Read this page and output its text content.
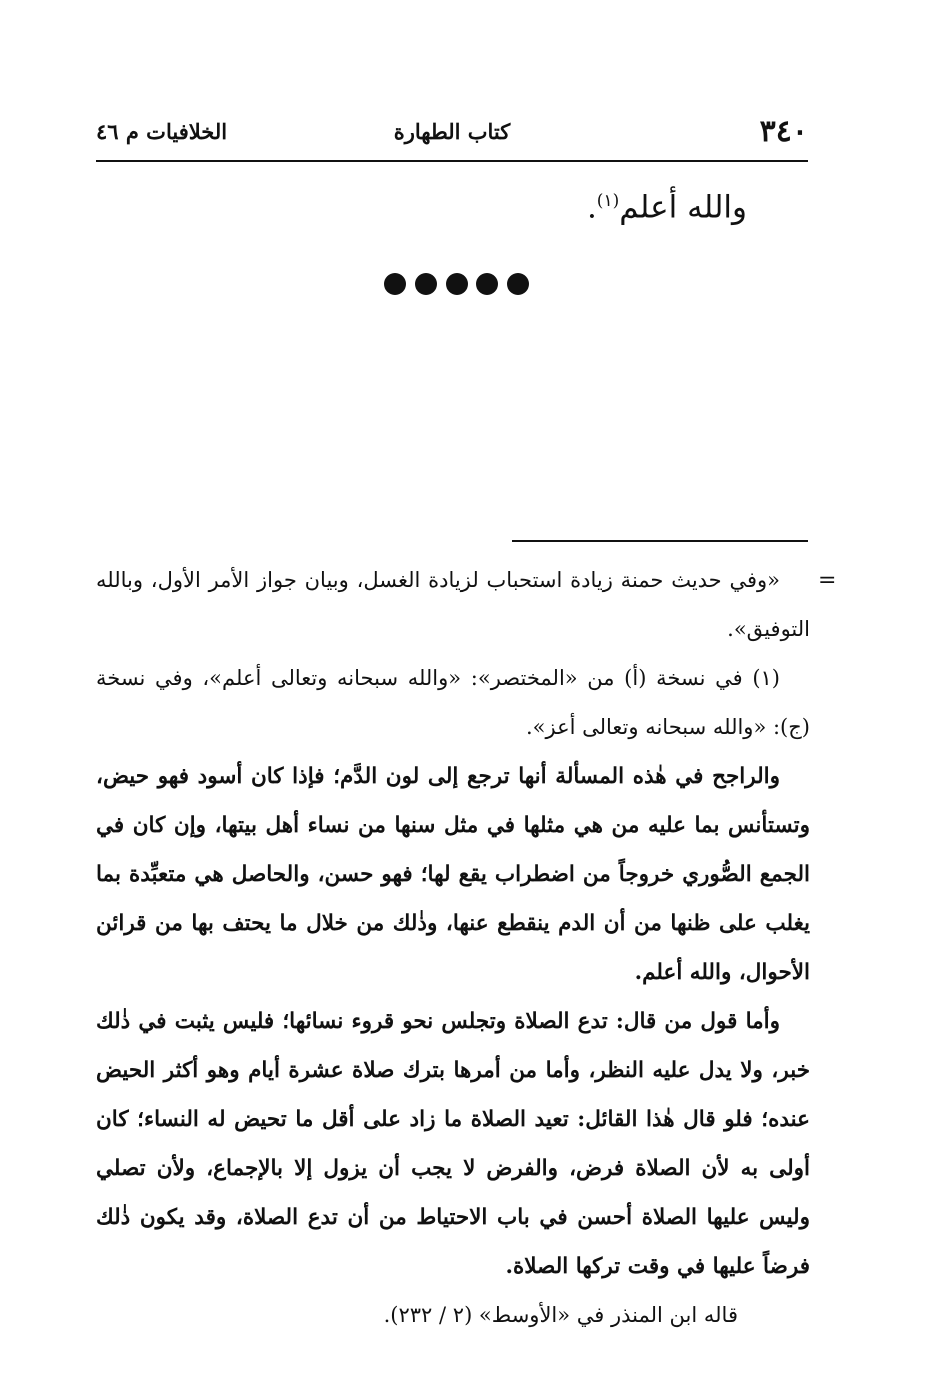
٣٤٠
كتاب الطهارة
الخلافيات م ٤٦
والله أعلم$^{(١)}$.
=

«وفي حديث حمنة زيادة استحباب لزيادة الغسل، وبيان جواز الأمر الأول، وبالله التوفيق».

(١) في نسخة (أ) من «المختصر»: «والله سبحانه وتعالى أعلم»، وفي نسخة (ج): «والله سبحانه وتعالى أعز».

والراجح في هٰذه المسألة أنها ترجع إلى لون الدَّم؛ فإذا كان أسود فهو حيض، وتستأنس بما عليه من هي مثلها في مثل سنها من نساء أهل بيتها، وإن كان في الجمع الصُّوري خروجاً من اضطراب يقع لها؛ فهو حسن، والحاصل هي متعبِّدة بما يغلب على ظنها من أن الدم ينقطع عنها، وذٰلك من خلال ما يحتف بها من قرائن الأحوال، والله أعلم.

وأما قول من قال: تدع الصلاة وتجلس نحو قروء نسائها؛ فليس يثبت في ذٰلك خبر، ولا يدل عليه النظر، وأما من أمرها بترك صلاة عشرة أيام وهو أكثر الحيض عنده؛ فلو قال هٰذا القائل: تعيد الصلاة ما زاد على أقل ما تحيض له النساء؛ كان أولى به لأن الصلاة فرض، والفرض لا يجب أن يزول إلا بالإجماع، ولأن تصلي وليس عليها الصلاة أحسن في باب الاحتياط من أن تدع الصلاة، وقد يكون ذٰلك فرضاً عليها في وقت تركها الصلاة.

قاله ابن المنذر في «الأوسط» (٢ / ٢٣٢).
